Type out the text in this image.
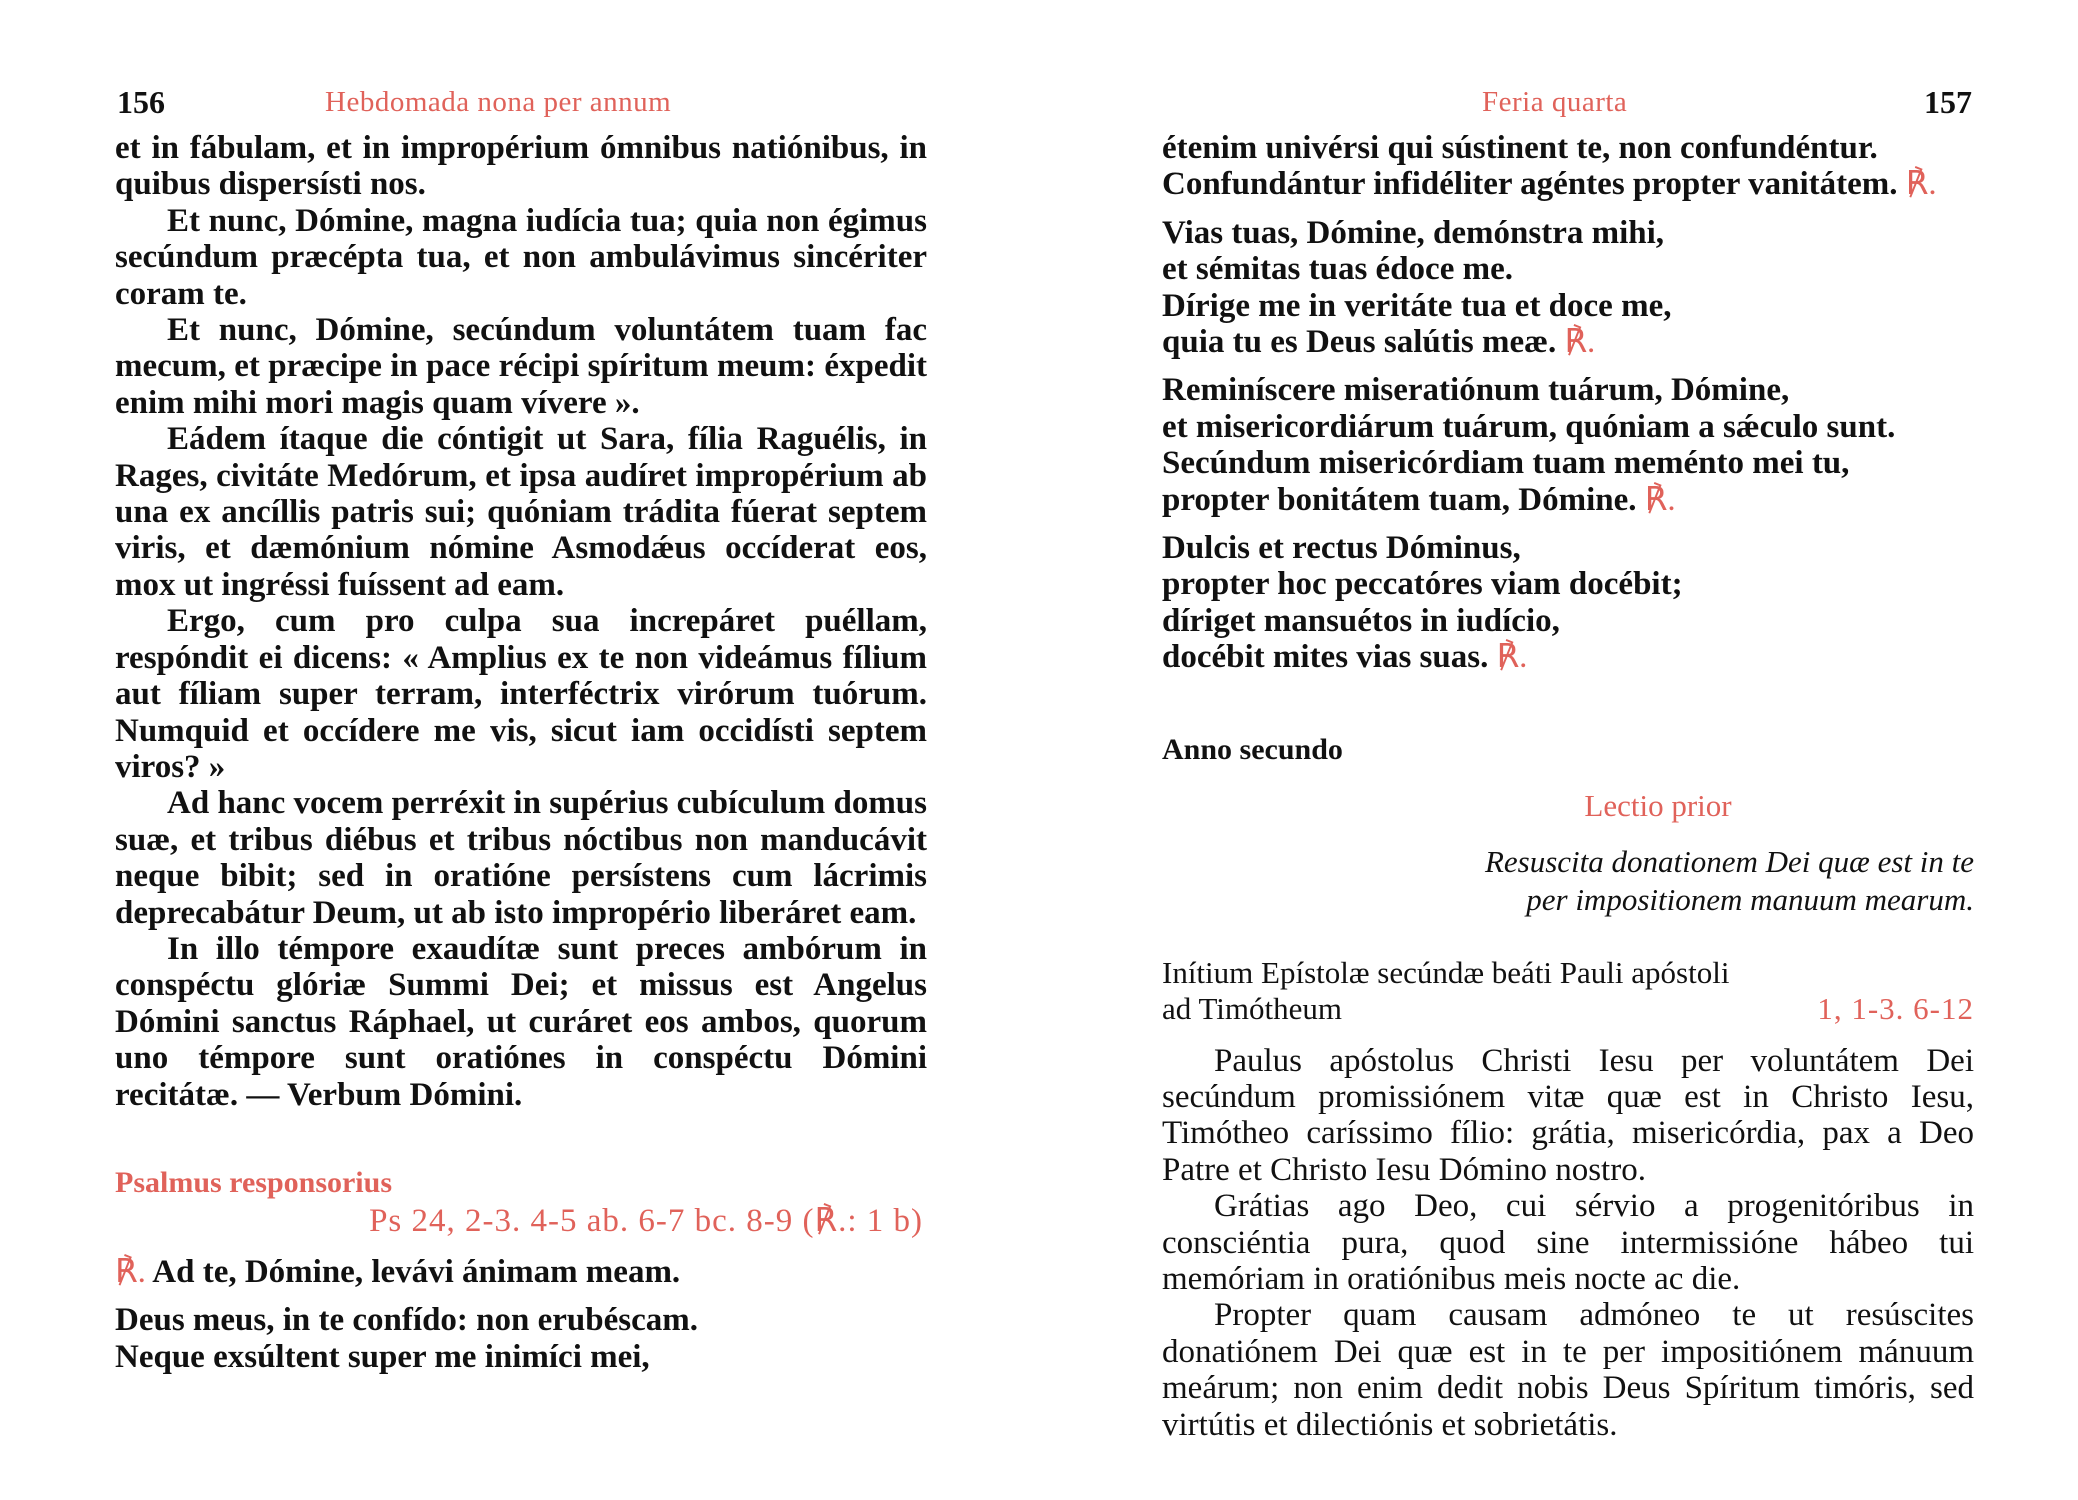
156	Hebdomada nona per annum

et in fábulam, et in impropérium ómnibus natiónibus, in quibus dispersísti nos.

Et nunc, Dómine, magna iudícia tua; quia non égimus secúndum præcépta tua, et non ambulávimus sincériter coram te.

Et nunc, Dómine, secúndum voluntátem tuam fac mecum, et præcipe in pace récipi spíritum meum: éxpedit enim mihi mori magis quam vívere ».

Eádem ítaque die cóntigit ut Sara, fília Raguélis, in Rages, civitáte Medórum, et ipsa audíret impropérium ab una ex ancíllis patris sui; quóniam trádita fúerat septem viris, et dæmónium nómine Asmodǽus occíderat eos, mox ut ingréssi fuíssent ad eam.

Ergo, cum pro culpa sua increpáret puéllam, respóndit ei dicens: « Amplius ex te non videámus fílium aut fíliam super terram, interféctrix virórum tuórum. Numquid et occídere me vis, sicut iam occidísti septem viros? »

Ad hanc vocem perréxit in supérius cubículum domus suæ, et tribus diébus et tribus nóctibus non manducávit neque bibit; sed in oratióne persístens cum lácrimis deprecabátur Deum, ut ab isto impropério liberáret eam.

In illo témpore exaudítæ sunt preces ambórum in conspéctu glóriæ Summi Dei; et missus est Angelus Dómini sanctus Ráphael, ut curáret eos ambos, quorum uno témpore sunt oratiónes in conspéctu Dómini recitátæ. — Verbum Dómini.

Psalmus responsorius
Ps 24, 2-3. 4-5 ab. 6-7 bc. 8-9 (℟.: 1 b)
℟. Ad te, Dómine, levávi ánimam meam.
Deus meus, in te confído: non erubéscam.
Neque exsúltent super me inimíci mei,
Feria quarta	157
étenim univérsi qui sústinent te, non confundéntur.
Confundántur infidéliter agéntes propter vanitátem. ℟.
Vias tuas, Dómine, demónstra mihi,
et sémitas tuas édoce me.
Dírige me in veritáte tua et doce me,
quia tu es Deus salútis meæ. ℟.
Reminíscere miseratiónum tuárum, Dómine,
et misericordiárum tuárum, quóniam a sǽculo sunt.
Secúndum misericórdiam tuam meménto mei tu,
propter bonitátem tuam, Dómine. ℟.
Dulcis et rectus Dóminus,
propter hoc peccatóres viam docébit;
díriget mansuétos in iudício,
docébit mites vias suas. ℟.
Anno secundo
Lectio prior
Resuscita donationem Dei quæ est in te
per impositionem manuum mearum.
Inítium Epístolæ secúndæ beáti Pauli apóstoli
ad Timótheum	1, 1-3. 6-12

Paulus apóstolus Christi Iesu per voluntátem Dei secúndum promissiónem vitæ quæ est in Christo Iesu, Timótheo caríssimo fílio: grátia, misericórdia, pax a Deo Patre et Christo Iesu Dómino nostro.

Grátias ago Deo, cui sérvio a progenitóribus in consciéntia pura, quod sine intermissióne hábeo tui memóriam in oratiónibus meis nocte ac die.

Propter quam causam admóneo te ut resúscites donatiónem Dei quæ est in te per impositiónem mánuum meárum; non enim dedit nobis Deus Spíritum timóris, sed virtútis et dilectiónis et sobrietátis.
